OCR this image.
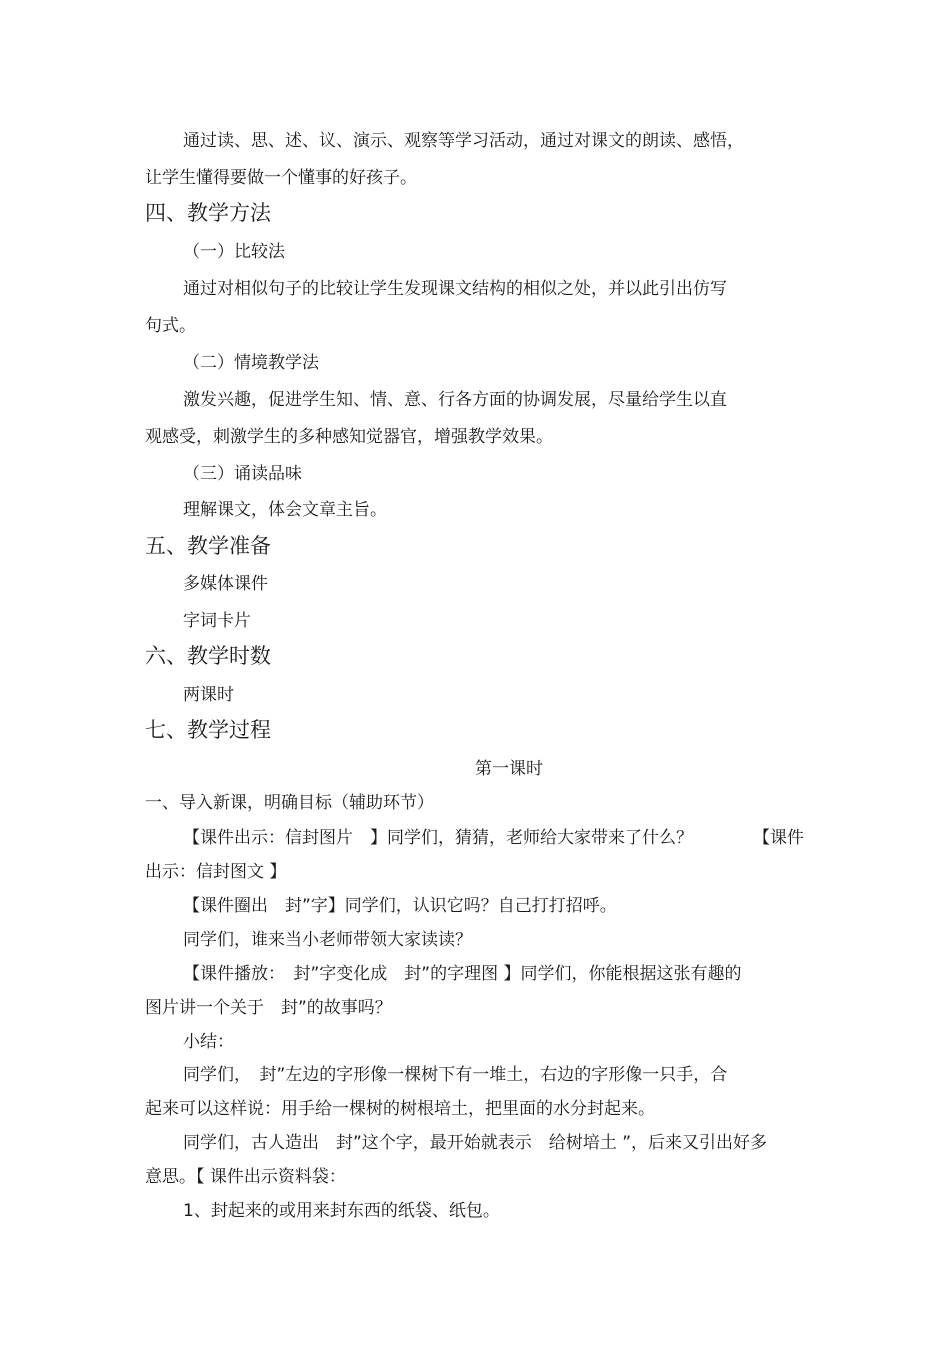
通过读、思、述、议、演示、观察等学习活动，通过对课文的朗读、感悟，
让学生懂得要做一个懂事的好孩子。
四、教学方法
（一）比较法
通过对相似句子的比较让学生发现课文结构的相似之处，并以此引出仿写
句式。
（二）情境教学法
激发兴趣，促进学生知、情、意、行各方面的协调发展，尽量给学生以直
观感受，刺激学生的多种感知觉器官，增强教学效果。
（三）诵读品味
理解课文，体会文章主旨。
五、教学准备
多媒体课件
字词卡片
六、教学时数
两课时
七、教学过程
第一课时
一、导入新课，明确目标（辅助环节）
【课件出示：信封图片　】同学们，猜猜，老师给大家带来了什么？	【课件
出示：信封图文 】
【课件圈出　封”字】同学们，认识它吗？自己打打招呼。
同学们，谁来当小老师带领大家读读？
【课件播放：　封”字变化成　封”的字理图 】同学们，你能根据这张有趣的
图片讲一个关于　封”的故事吗？
小结：
同学们，　封”左边的字形像一棵树下有一堆土，右边的字形像一只手，合
起来可以这样说：用手给一棵树的树根培土，把里面的水分封起来。
同学们，古人造出　封”这个字，最开始就表示　给树培土 ”，后来又引出好多
意思。【 课件出示资料袋：
1、封起来的或用来封东西的纸袋、纸包。
